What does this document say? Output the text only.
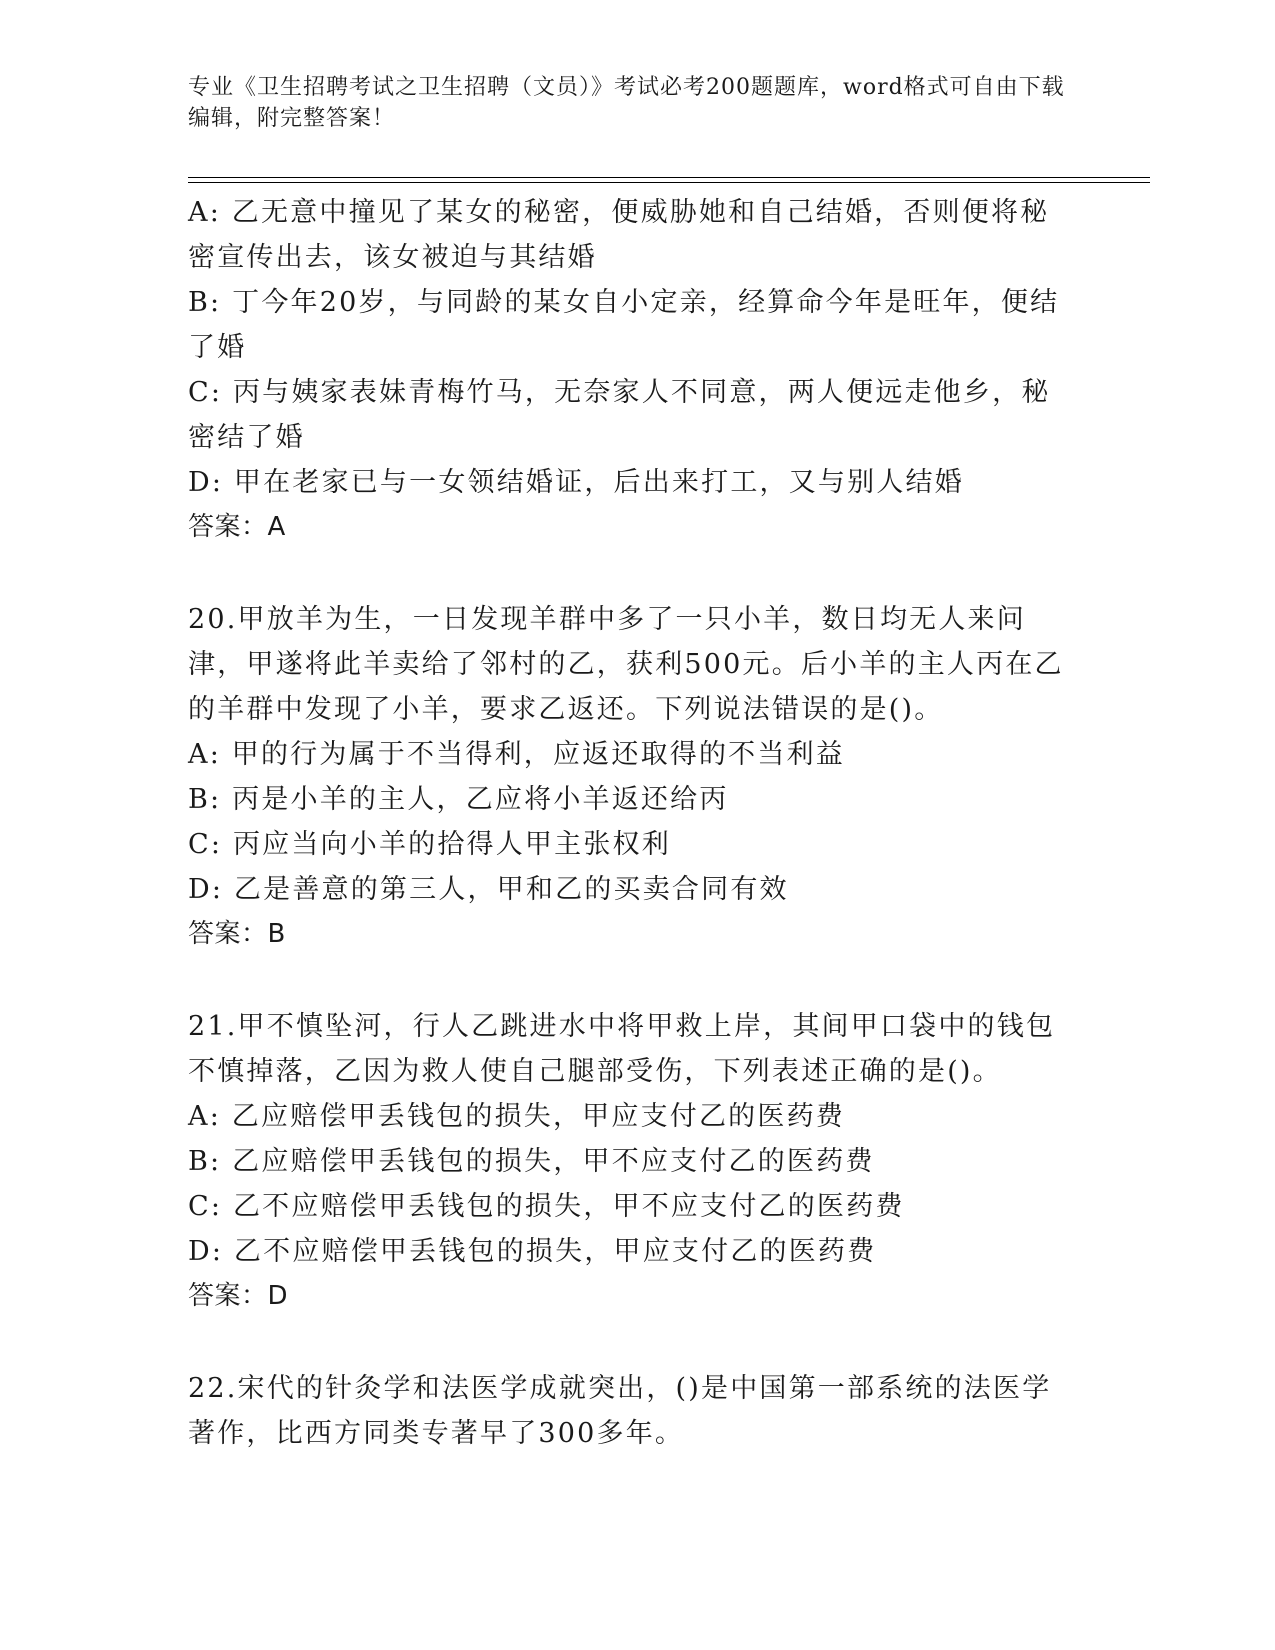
专业《卫生招聘考试之卫生招聘（文员）》考试必考200题题库，word格式可自由下载编辑，附完整答案！
A: 乙无意中撞见了某女的秘密，便威胁她和自己结婚，否则便将秘密宣传出去，该女被迫与其结婚
B: 丁今年20岁，与同龄的某女自小定亲，经算命今年是旺年，便结了婚
C: 丙与姨家表妹青梅竹马，无奈家人不同意，两人便远走他乡，秘密结了婚
D: 甲在老家已与一女领结婚证，后出来打工，又与别人结婚
答案：A
20.甲放羊为生，一日发现羊群中多了一只小羊，数日均无人来问津，甲遂将此羊卖给了邻村的乙，获利500元。后小羊的主人丙在乙的羊群中发现了小羊，要求乙返还。下列说法错误的是()。
A: 甲的行为属于不当得利，应返还取得的不当利益
B: 丙是小羊的主人，乙应将小羊返还给丙
C: 丙应当向小羊的拾得人甲主张权利
D: 乙是善意的第三人，甲和乙的买卖合同有效
答案：B
21.甲不慎坠河，行人乙跳进水中将甲救上岸，其间甲口袋中的钱包不慎掉落，乙因为救人使自己腿部受伤，下列表述正确的是()。
A: 乙应赔偿甲丢钱包的损失，甲应支付乙的医药费
B: 乙应赔偿甲丢钱包的损失，甲不应支付乙的医药费
C: 乙不应赔偿甲丢钱包的损失，甲不应支付乙的医药费
D: 乙不应赔偿甲丢钱包的损失，甲应支付乙的医药费
答案：D
22.宋代的针灸学和法医学成就突出，()是中国第一部系统的法医学著作，比西方同类专著早了300多年。
